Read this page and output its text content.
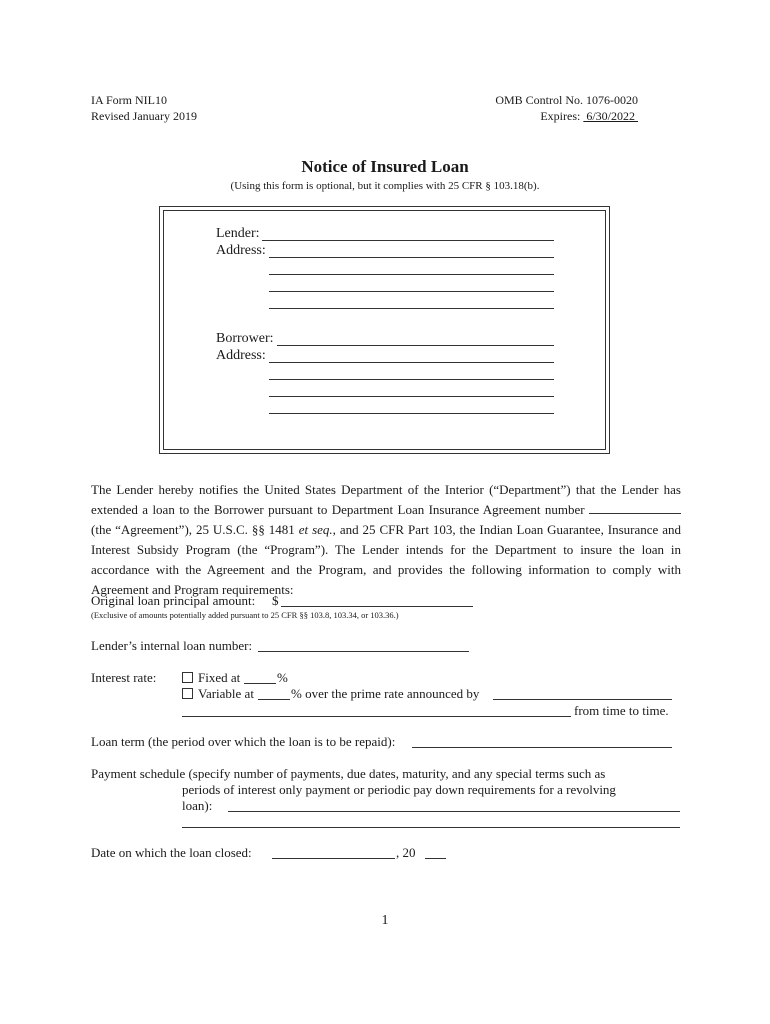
IA Form NIL10
Revised January 2019
OMB Control No. 1076-0020
Expires: 6/30/2022
Notice of Insured Loan
(Using this form is optional, but it complies with 25 CFR § 103.18(b).
Lender:
Address:
Borrower:
Address:
The Lender hereby notifies the United States Department of the Interior (“Department”) that the Lender has extended a loan to the Borrower pursuant to Department Loan Insurance Agreement number  (the “Agreement”), 25 U.S.C. §§ 1481 et seq., and 25 CFR Part 103, the Indian Loan Guarantee, Insurance and Interest Subsidy Program (the “Program”). The Lender intends for the Department to insure the loan in accordance with the Agreement and the Program, and provides the following information to comply with Agreement and Program requirements:
Original loan principal amount: $
(Exclusive of amounts potentially added pursuant to 25 CFR §§ 103.8, 103.34, or 103.36.)
Lender’s internal loan number:
Interest rate:	Fixed at	%
Variable at	% over the prime rate announced by
from time to time.
Loan term (the period over which the loan is to be repaid):
Payment schedule (specify number of payments, due dates, maturity, and any special terms such as
periods of interest only payment or periodic pay down requirements for a revolving
loan):
Date on which the loan closed:	, 20
1
